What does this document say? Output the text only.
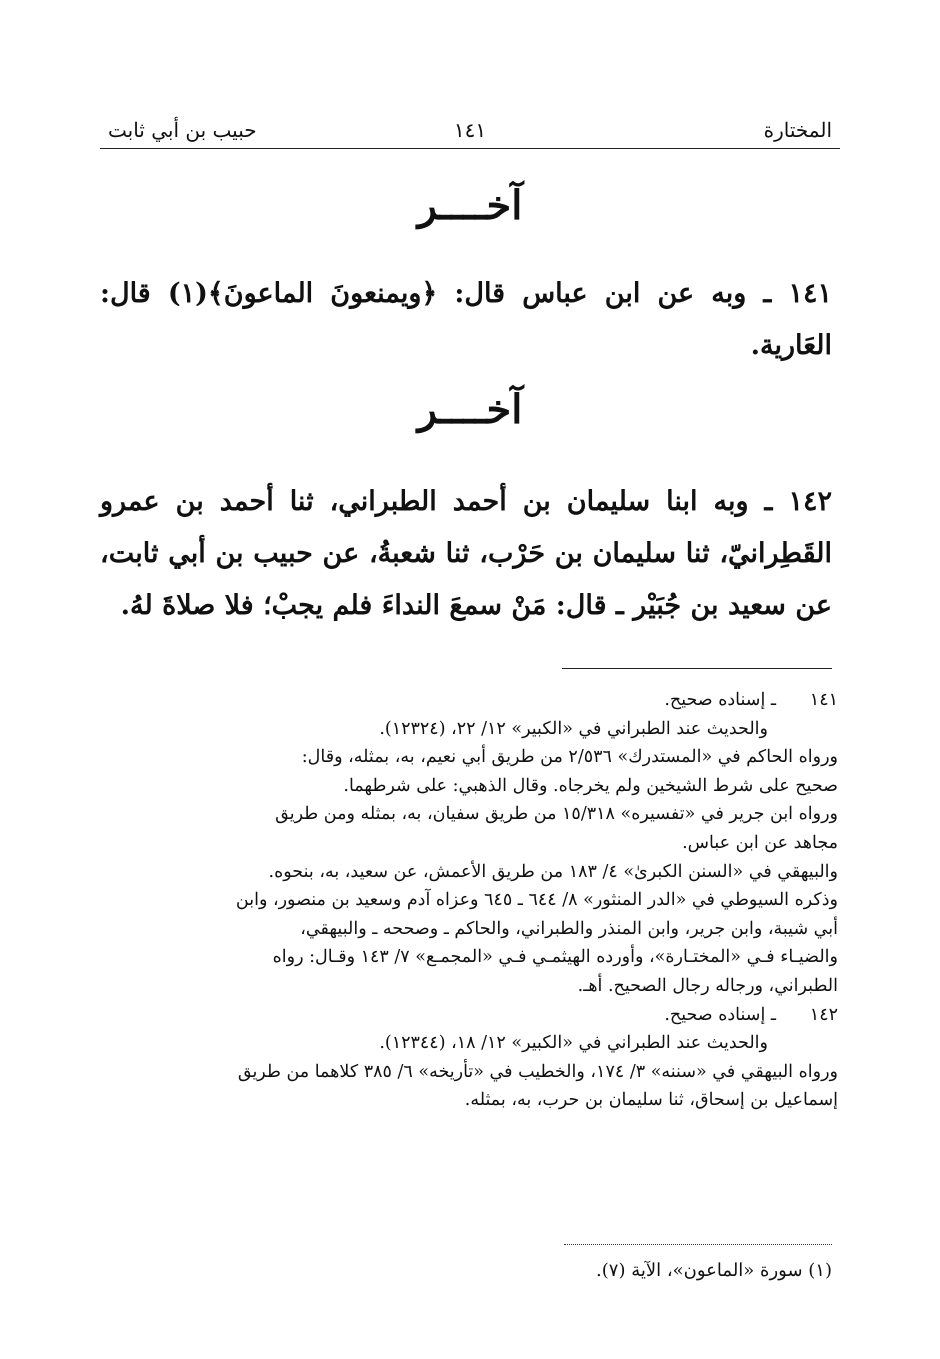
المختارة
١٤١
حبيب بن أبي ثابت
آخــــر
١٤١ ـ وبه عن ابن عباس قال: ﴿ويمنعونَ الماعونَ﴾(١) قال: العَارية.
آخــــر
١٤٢ ـ وبه ابنا سليمان بن أحمد الطبراني، ثنا أحمد بن عمرو القَطِرانيّ، ثنا سليمان بن حَرْب، ثنا شعبةُ، عن حبيب بن أبي ثابت، عن سعيد بن جُبَيْر ـ قال: مَنْ سمعَ النداءَ فلم يجبْ؛ فلا صلاةَ لهُ.
١٤١ـ إسناده صحيح.
والحديث عند الطبراني في «الكبير» ١٢/ ٢٢، (١٢٣٢٤).
ورواه الحاكم في «المستدرك» ٢/٥٣٦ من طريق أبي نعيم، به، بمثله، وقال:
صحيح على شرط الشيخين ولم يخرجاه. وقال الذهبي: على شرطهما.
ورواه ابن جرير في «تفسيره» ١٥/٣١٨ من طريق سفيان، به، بمثله ومن طريق
مجاهد عن ابن عباس.
والبيهقي في «السنن الكبرىٰ» ٤/ ١٨٣ من طريق الأعمش، عن سعيد، به، بنحوه.
وذكره السيوطي في «الدر المنثور» ٨/ ٦٤٤ ـ ٦٤٥ وعزاه آدم وسعيد بن منصور، وابن
أبي شيبة، وابن جرير، وابن المنذر والطبراني، والحاكم ـ وصححه ـ والبيهقي،
والضيـاء فـي «المختـارة»، وأورده الهيثمـي فـي «المجمـع» ٧/ ١٤٣ وقـال: رواه
الطبراني، ورجاله رجال الصحيح. أهـ.
١٤٢ـ إسناده صحيح.
والحديث عند الطبراني في «الكبير» ١٢/ ١٨، (١٢٣٤٤).
ورواه البيهقي في «سننه» ٣/ ١٧٤، والخطيب في «تأريخه» ٦/ ٣٨٥ كلاهما من طريق
إسماعيل بن إسحاق، ثنا سليمان بن حرب، به، بمثله.
(١) سورة «الماعون»، الآية (٧).
